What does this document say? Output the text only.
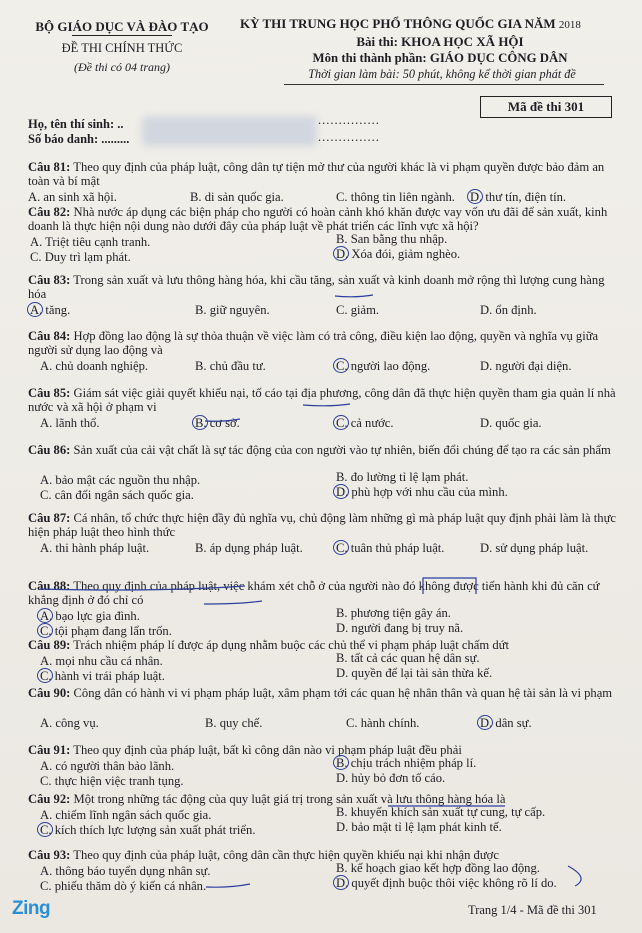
BỘ GIÁO DỤC VÀ ĐÀO TẠO
ĐỀ THI CHÍNH THỨC
(Đề thi có 04 trang)
KỲ THI TRUNG HỌC PHỔ THÔNG QUỐC GIA NĂM 2018
Bài thi: KHOA HỌC XÃ HỘI
Môn thi thành phần: GIÁO DỤC CÔNG DÂN
Thời gian làm bài: 50 phút, không kể thời gian phát đề
Họ, tên thí sinh: ..
Số báo danh: .........
...............
...............
Mã đề thi 301
Câu 81: Theo quy định của pháp luật, công dân tự tiện mở thư của người khác là vi phạm quyền được bảo đảm an toàn và bí mật
A. an sinh xã hội.	B. di sản quốc gia.	C. thông tin liên ngành. D. thư tín, điện tín.
Câu 82: Nhà nước áp dụng các biện pháp cho người có hoàn cảnh khó khăn được vay vốn ưu đãi để sản xuất, kinh doanh là thực hiện nội dung nào dưới đây của pháp luật về phát triển các lĩnh vực xã hội?
A. Triệt tiêu cạnh tranh.	B. San bằng thu nhập.
C. Duy trì lạm phát.	D. Xóa đói, giảm nghèo.
Câu 83: Trong sản xuất và lưu thông hàng hóa, khi cầu tăng, sản xuất và kinh doanh mở rộng thì lượng cung hàng hóa
A. tăng.	B. giữ nguyên.	C. giảm.	D. ổn định.
Câu 84: Hợp đồng lao động là sự thỏa thuận về việc làm có trả công, điều kiện lao động, quyền và nghĩa vụ giữa người sử dụng lao động và
A. chủ doanh nghiệp.	B. chủ đầu tư.	C. người lao động.	D. người đại diện.
Câu 85: Giám sát việc giải quyết khiếu nại, tố cáo tại địa phương, công dân đã thực hiện quyền tham gia quản lí nhà nước và xã hội ở phạm vi
A. lãnh thổ.	B. cơ sở.	C. cả nước.	D. quốc gia.
Câu 86: Sản xuất của cải vật chất là sự tác động của con người vào tự nhiên, biến đổi chúng để tạo ra các sản phẩm
A. bảo mật các nguồn thu nhập.	B. đo lường tỉ lệ lạm phát.
C. cân đối ngân sách quốc gia.	D. phù hợp với nhu cầu của mình.
Câu 87: Cá nhân, tổ chức thực hiện đầy đủ nghĩa vụ, chủ động làm những gì mà pháp luật quy định phải làm là thực hiện pháp luật theo hình thức
A. thi hành pháp luật.	B. áp dụng pháp luật.	C. tuân thủ pháp luật.	D. sử dụng pháp luật.
Câu 88: Theo quy định của pháp luật, việc khám xét chỗ ở của người nào đó không được tiến hành khi đủ căn cứ khẳng định ở đó chỉ có
A. bạo lực gia đình.	B. phương tiện gây án.
C. tội phạm đang lẩn trốn.	D. người đang bị truy nã.
Câu 89: Trách nhiệm pháp lí được áp dụng nhằm buộc các chủ thể vi phạm pháp luật chấm dứt
A. mọi nhu cầu cá nhân.	B. tất cả các quan hệ dân sự.
C. hành vi trái pháp luật.	D. quyền để lại tài sản thừa kế.
Câu 90: Công dân có hành vi vi phạm pháp luật, xâm phạm tới các quan hệ nhân thân và quan hệ tài sản là vi phạm
A. công vụ.	B. quy chế.	C. hành chính.	D. dân sự.
Câu 91: Theo quy định của pháp luật, bất kì công dân nào vi phạm pháp luật đều phải
A. có người thân bảo lãnh.	B. chịu trách nhiệm pháp lí.
C. thực hiện việc tranh tụng.	D. hủy bỏ đơn tố cáo.
Câu 92: Một trong những tác động của quy luật giá trị trong sản xuất và lưu thông hàng hóa là
A. chiếm lĩnh ngân sách quốc gia.	B. khuyến khích sản xuất tự cung, tự cấp.
C. kích thích lực lượng sản xuất phát triển.	D. bảo mật tỉ lệ lạm phát kinh tế.
Câu 93: Theo quy định của pháp luật, công dân cần thực hiện quyền khiếu nại khi nhận được
A. thông báo tuyển dụng nhân sự.	B. kế hoạch giao kết hợp đồng lao động.
C. phiếu thăm dò ý kiến cá nhân.	D. quyết định buộc thôi việc không rõ lí do.
Trang 1/4 - Mã đề thi 301
Zing
